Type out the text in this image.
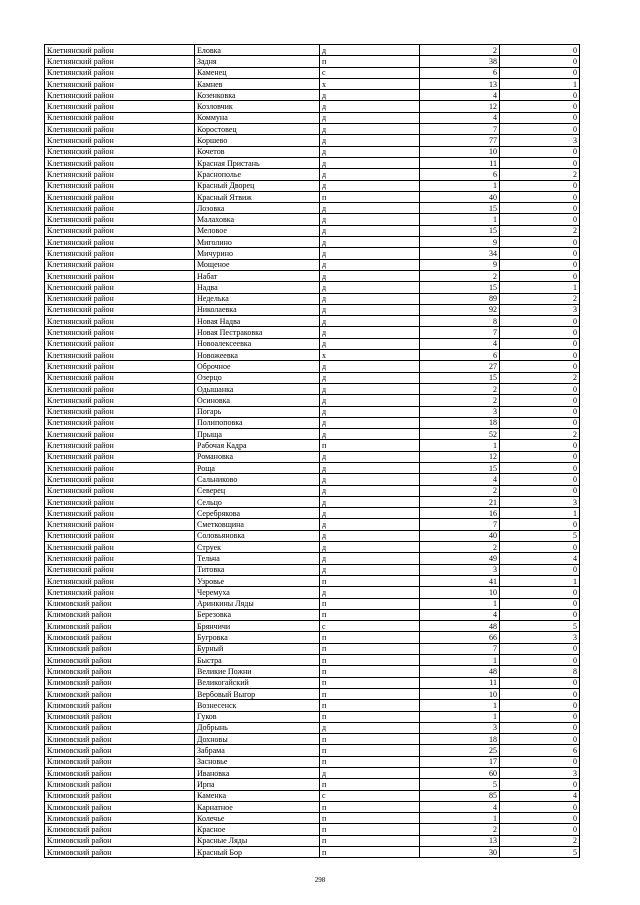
Клетнянский район	Еловка	д	2	0
Клетнянский район	Задня	п	38	0
Клетнянский район	Каменец	с	6	0
Клетнянский район	Камнев	х	13	1
Клетнянский район	Козенковка	д	4	0
Клетнянский район	Козловчик	д	12	0
Клетнянский район	Коммуна	д	4	0
Клетнянский район	Коростовец	д	7	0
Клетнянский район	Коршево	д	77	3
Клетнянский район	Кочетов	д	10	0
Клетнянский район	Красная Пристань	д	11	0
Клетнянский район	Краснополье	д	6	2
Клетнянский район	Красный Дворец	д	1	0
Клетнянский район	Красный Ятвиж	п	40	0
Клетнянский район	Лозовка	д	15	0
Клетнянский район	Малаховка	д	1	0
Клетнянский район	Меловое	д	15	2
Клетнянский район	Миголино	д	9	0
Клетнянский район	Мичурино	д	34	0
Клетнянский район	Мощеное	д	9	0
Клетнянский район	Набат	д	2	0
Клетнянский район	Надва	д	15	1
Клетнянский район	Неделька	д	89	2
Клетнянский район	Николаевка	д	92	3
Клетнянский район	Новая Надва	д	8	0
Клетнянский район	Новая Пестраковка	д	7	0
Клетнянский район	Новоалексеевка	д	4	0
Клетнянский район	Новожеевка	х	6	0
Клетнянский район	Оброчное	д	27	0
Клетнянский район	Озерцо	д	15	2
Клетнянский район	Одышанка	д	2	0
Клетнянский район	Осиновка	д	2	0
Клетнянский район	Погарь	д	3	0
Клетнянский район	Полипоповка	д	18	0
Клетнянский район	Прыща	д	52	2
Клетнянский район	Рабочая Кадра	п	1	0
Клетнянский район	Романовка	д	12	0
Клетнянский район	Роща	д	15	0
Клетнянский район	Сальниково	д	4	0
Клетнянский район	Северец	д	2	0
Клетнянский район	Сельцо	д	21	3
Клетнянский район	Серебрякова	д	16	1
Клетнянский район	Сметковщина	д	7	0
Клетнянский район	Соловьяновка	д	40	5
Клетнянский район	Струек	д	2	0
Клетнянский район	Тельча	д	49	4
Клетнянский район	Титовка	д	3	0
Клетнянский район	Узровье	п	41	1
Клетнянский район	Черемуха	д	10	0
Климовский район	Аринкины Ляды	п	1	0
Климовский район	Березовка	п	4	0
Климовский район	Брянчичи	с	48	5
Климовский район	Бугровка	п	66	3
Климовский район	Бурный	п	7	0
Климовский район	Быстра	п	1	0
Климовский район	Великие Пожни	п	48	8
Климовский район	Великогайский	п	11	0
Климовский район	Вербовый Выгор	п	10	0
Климовский район	Вознесенск	п	1	0
Климовский район	Гуков	п	1	0
Климовский район	Добрынь	д	3	0
Климовский район	Дохновы	п	18	0
Климовский район	Забрама	п	25	6
Климовский район	Засновье	п	17	0
Климовский район	Ивановка	д	60	3
Климовский район	Ирпа	п	5	0
Климовский район	Каменка	с	85	4
Климовский район	Карнатное	п	4	0
Климовский район	Колечье	п	1	0
Климовский район	Красное	п	2	0
Климовский район	Красные Ляды	п	13	2
Климовский район	Красный Бор	п	30	5
298
